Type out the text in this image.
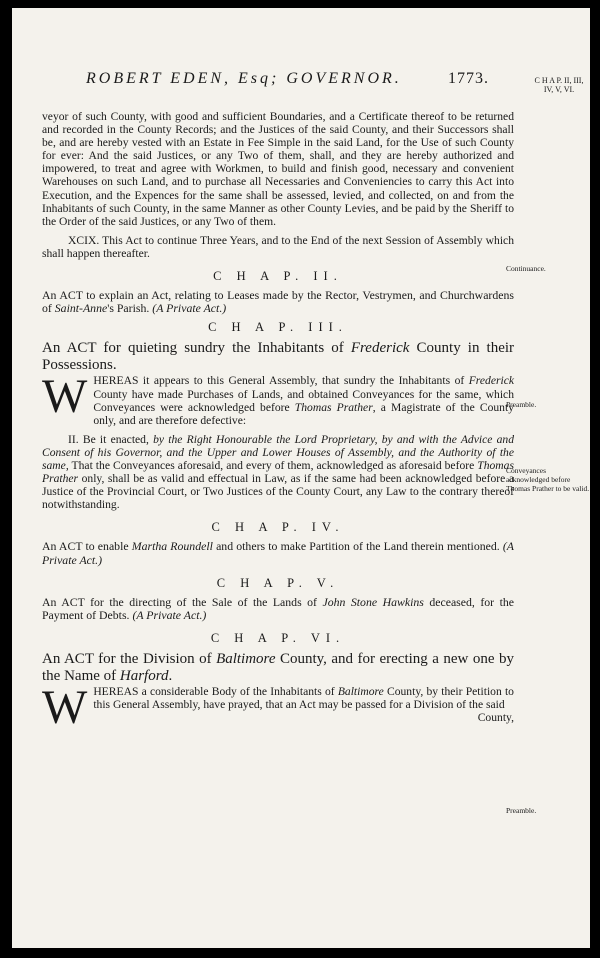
ROBERT EDEN, Esq; GOVERNOR.	1773.	C H A P. II, III, IV, V, VI.
Continuance.
Preamble.
Conveyances acknowledged before Thomas Prather to be valid.
Preamble.

veyor of such County, with good and sufficient Boundaries, and a Certificate thereof to be returned and recorded in the County Records; and the Justices of the said County, and their Successors shall be, and are hereby vested with an Estate in Fee Simple in the said Land, for the Use of such County for ever: And the said Justices, or any Two of them, shall, and they are hereby authorized and impowered, to treat and agree with Workmen, to build and finish good, necessary and convenient Warehouses on such Land, and to purchase all Necessaries and Conveniencies to carry this Act into Execution, and the Expences for the same shall be assessed, levied, and collected, on and from the Inhabitants of such County, in the same Manner as other County Levies, and be paid by the Sheriff to the Order of the said Justices, or any Two of them.

XCIX. This Act to continue Three Years, and to the End of the next Session of Assembly which shall happen thereafter.

C H A P. II.

An ACT to explain an Act, relating to Leases made by the Rector, Vestrymen, and Churchwardens of Saint-Anne's Parish. (A Private Act.)

C H A P. III.

An ACT for quieting sundry the Inhabitants of Frederick County in their Possessions.

WHEREAS it appears to this General Assembly, that sundry the Inhabitants of Frederick County have made Purchases of Lands, and obtained Conveyances for the same, which Conveyances were acknowledged before Thomas Prather, a Magistrate of the County only, and are therefore defective:

II. Be it enacted, by the Right Honourable the Lord Proprietary, by and with the Advice and Consent of his Governor, and the Upper and Lower Houses of Assembly, and the Authority of the same, That the Conveyances aforesaid, and every of them, acknowledged as aforesaid before Thomas Prather only, shall be as valid and effectual in Law, as if the same had been acknowledged before a Justice of the Provincial Court, or Two Justices of the County Court, any Law to the contrary thereof notwithstanding.

C H A P. IV.

An ACT to enable Martha Roundell and others to make Partition of the Land therein mentioned. (A Private Act.)

C H A P. V.

An ACT for the directing of the Sale of the Lands of John Stone Hawkins deceased, for the Payment of Debts. (A Private Act.)

C H A P. VI.

An ACT for the Division of Baltimore County, and for erecting a new one by the Name of Harford.

WHEREAS a considerable Body of the Inhabitants of Baltimore County, by their Petition to this General Assembly, have prayed, that an Act may be passed for a Division of the said

County,
